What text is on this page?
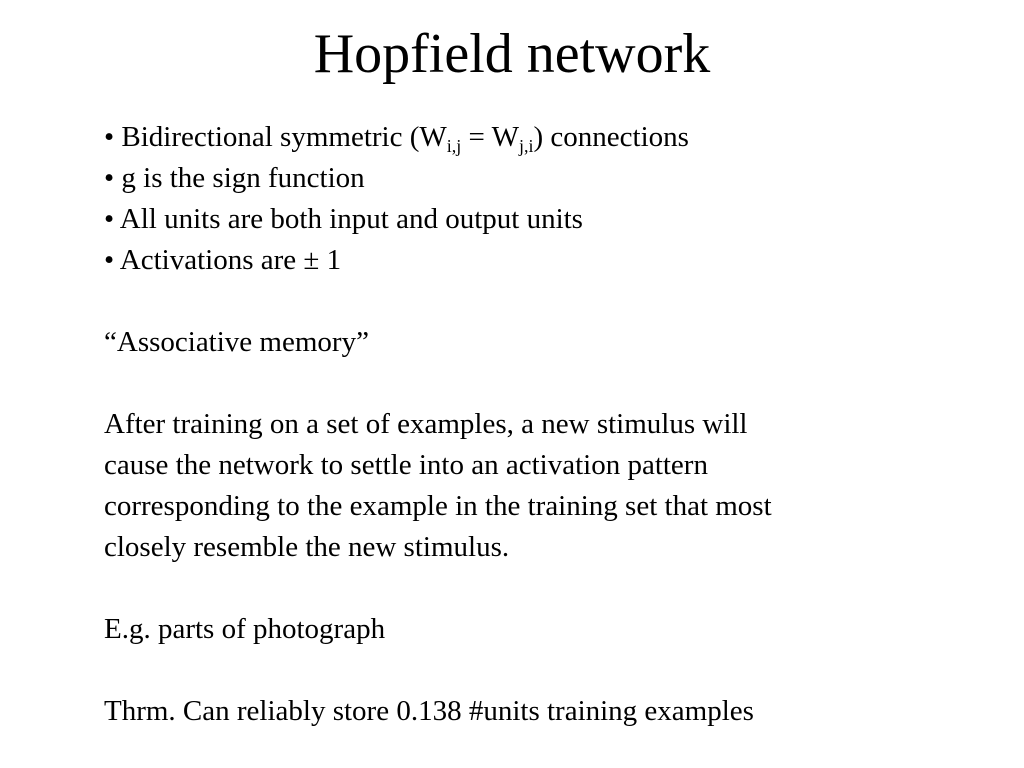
Hopfield network
• Bidirectional symmetric $(W_{i,j} = W_{j,i})$ connections
• g is the sign function
• All units are both input and output units
• Activations are ± 1
“Associative memory”
After training on a set of examples, a new stimulus will
cause the network to settle into an activation pattern
corresponding to the example in the training set that most
closely resemble the new stimulus.
E.g. parts of photograph
Thrm. Can reliably store 0.138 #units training examples
